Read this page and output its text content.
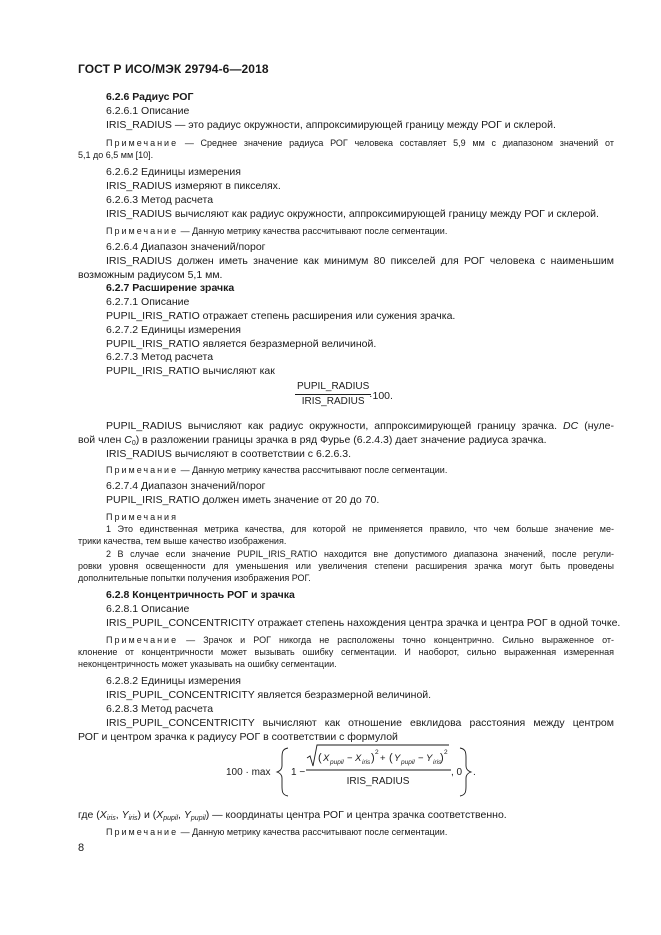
ГОСТ Р ИСО/МЭК 29794-6—2018
6.2.6 Радиус РОГ
6.2.6.1 Описание
IRIS_RADIUS — это радиус окружности, аппроксимирующей границу между РОГ и склерой.
Примечание — Среднее значение радиуса РОГ человека составляет 5,9 мм с диапазоном значений от
5,1 до 6,5 мм [10].
6.2.6.2 Единицы измерения
IRIS_RADIUS измеряют в пикселях.
6.2.6.3 Метод расчета
IRIS_RADIUS вычисляют как радиус окружности, аппроксимирующей границу между РОГ и склерой.
Примечание — Данную метрику качества рассчитывают после сегментации.
6.2.6.4 Диапазон значений/порог
IRIS_RADIUS должен иметь значение как минимум 80 пикселей для РОГ человека с наименьшим
возможным радиусом 5,1 мм.
6.2.7 Расширение зрачка
6.2.7.1 Описание
PUPIL_IRIS_RATIO отражает степень расширения или сужения зрачка.
6.2.7.2 Единицы измерения
PUPIL_IRIS_RATIO является безразмерной величиной.
6.2.7.3 Метод расчета
PUPIL_IRIS_RATIO вычисляют как
PUPIL_RADIUS
IRIS_RADIUS ·100.
PUPIL_RADIUS вычисляют как радиус окружности, аппроксимирующей границу зрачка. DC (нуле-
вой член $C_0$) в разложении границы зрачка в ряд Фурье (6.2.4.3) дает значение радиуса зрачка.
IRIS_RADIUS вычисляют в соответствии с 6.2.6.3.
Примечание — Данную метрику качества рассчитывают после сегментации.
6.2.7.4 Диапазон значений/порог
PUPIL_IRIS_RATIO должен иметь значение от 20 до 70.
Примечания
1 Это единственная метрика качества, для которой не применяется правило, что чем больше значение ме-
трики качества, тем выше качество изображения.
2 В случае если значение PUPIL_IRIS_RATIO находится вне допустимого диапазона значений, после регули-
ровки уровня освещенности для уменьшения или увеличения степени расширения зрачка могут быть проведены
дополнительные попытки получения изображения РОГ.
6.2.8 Концентричность РОГ и зрачка
6.2.8.1 Описание
IRIS_PUPIL_CONCENTRICITY отражает степень нахождения центра зрачка и центра РОГ в одной точке.
Примечание — Зрачок и РОГ никогда не расположены точно концентрично. Сильно выраженное от-
клонение от концентричности может вызывать ошибку сегментации. И наоборот, сильно выраженная измеренная
неконцентричность может указывать на ошибку сегментации.
6.2.8.2 Единицы измерения
IRIS_PUPIL_CONCENTRICITY является безразмерной величиной.
6.2.8.3 Метод расчета
IRIS_PUPIL_CONCENTRICITY вычисляют как отношение евклидова расстояния между центром
РОГ и центром зрачка к радиусу РОГ в соответствии с формулой
100 · max 1 −
( X pupil − X iris ) 2
+ ( Y pupil − Y iris
) 2
IRIS_RADIUS
, 0 .
где ($X_{iris}$, $Y_{iris}$) и ($X_{pupil}$, $Y_{pupil}$) — координаты центра РОГ и центра зрачка соответственно.
Примечание — Данную метрику качества рассчитывают после сегментации.
8
